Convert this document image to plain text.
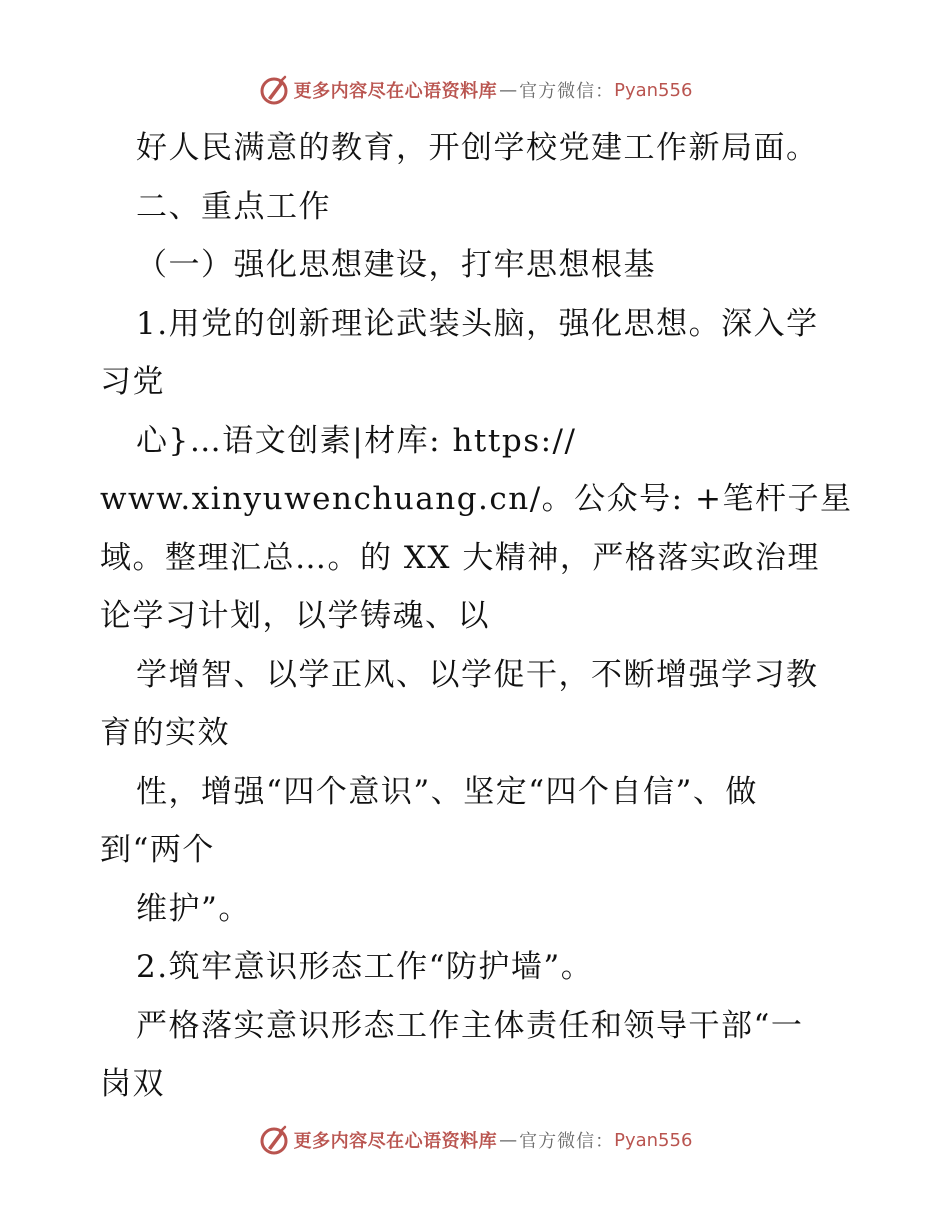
更多内容尽在心语资料库 — 官方微信： Pyan556
好人民满意的教育，开创学校党建工作新局面。
二、重点工作
（一）强化思想建设，打牢思想根基
1.用党的创新理论武装头脑，强化思想。深入学
习党
心}…语文创素|材库: https://
www.xinyuwenchuang.cn/。公众号: +笔杆子星
域。整理汇总…。的 XX 大精神，严格落实政治理
论学习计划，以学铸魂、以
学增智、以学正风、以学促干，不断增强学习教
育的实效
性，增强“四个意识”、坚定“四个自信”、做
到“两个
维护”。
2.筑牢意识形态工作“防护墙”。
严格落实意识形态工作主体责任和领导干部“一
岗双
更多内容尽在心语资料库 — 官方微信： Pyan556
